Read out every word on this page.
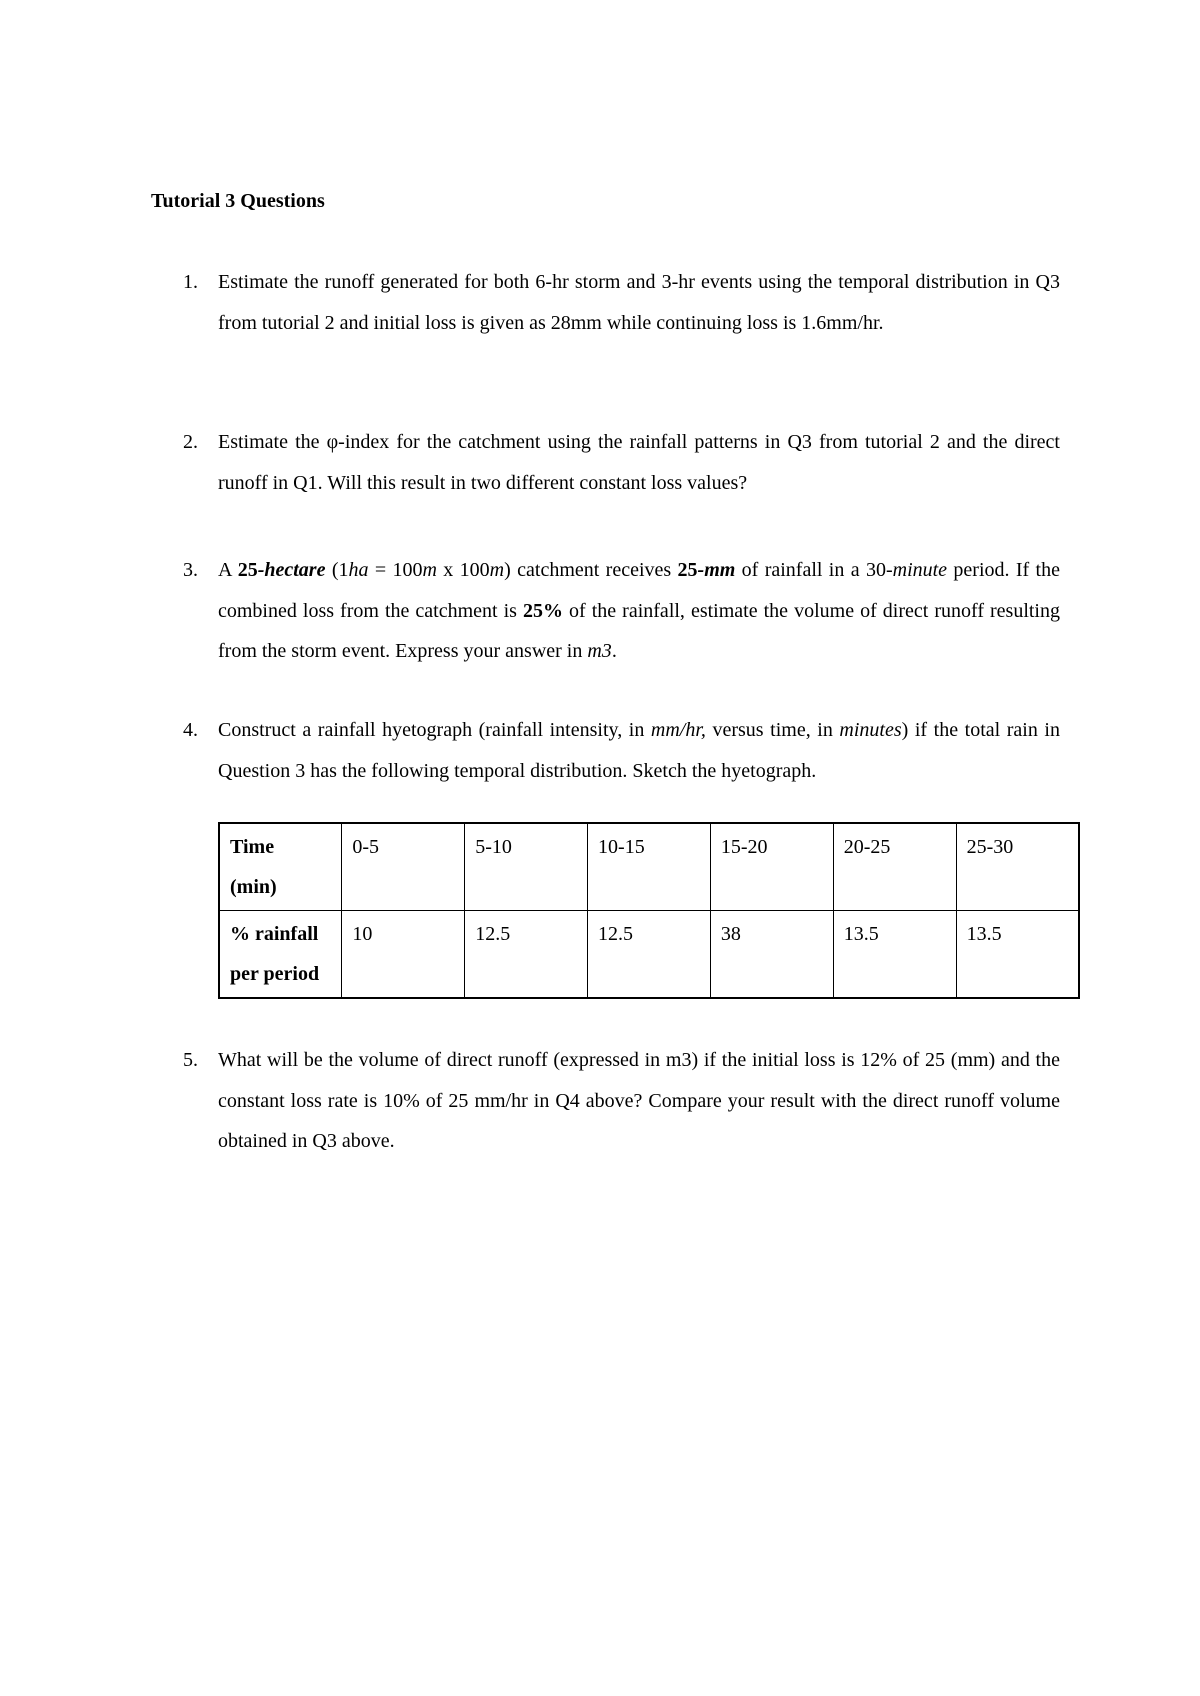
Tutorial 3 Questions
1. Estimate the runoff generated for both 6-hr storm and 3-hr events using the temporal distribution in Q3 from tutorial 2 and initial loss is given as 28mm while continuing loss is 1.6mm/hr.
2. Estimate the φ-index for the catchment using the rainfall patterns in Q3 from tutorial 2 and the direct runoff in Q1. Will this result in two different constant loss values?
3. A 25-hectare (1ha = 100m x 100m) catchment receives 25-mm of rainfall in a 30-minute period. If the combined loss from the catchment is 25% of the rainfall, estimate the volume of direct runoff resulting from the storm event. Express your answer in m3.
4. Construct a rainfall hyetograph (rainfall intensity, in mm/hr, versus time, in minutes) if the total rain in Question 3 has the following temporal distribution. Sketch the hyetograph.
Time
(min)	0-5	5-10	10-15	15-20	20-25	25-30

% rainfall
per period	10	12.5	12.5	38	13.5	13.5
5. What will be the volume of direct runoff (expressed in m3) if the initial loss is 12% of 25 (mm) and the constant loss rate is 10% of 25 mm/hr in Q4 above? Compare your result with the direct runoff volume obtained in Q3 above.
